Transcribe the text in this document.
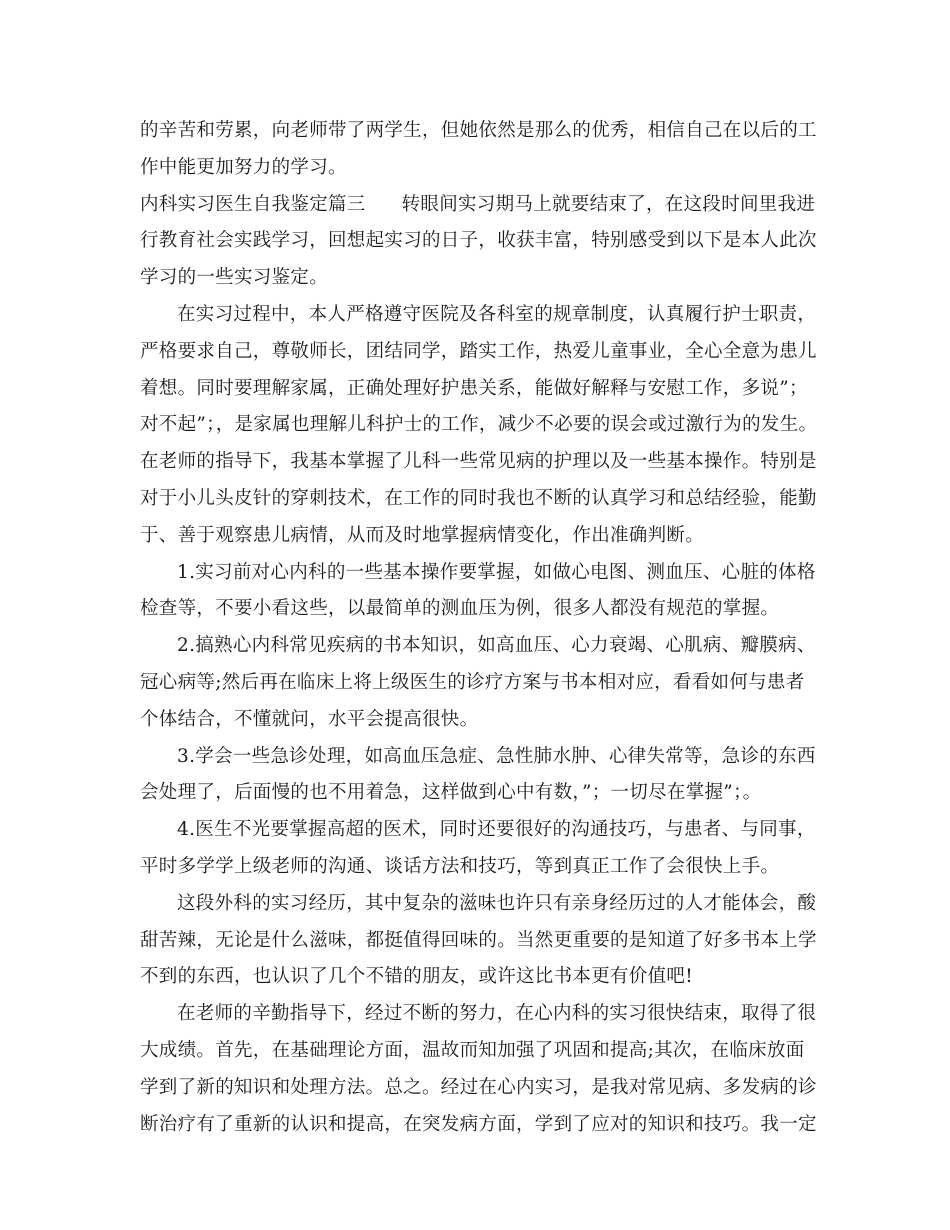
的辛苦和劳累，向老师带了两学生，但她依然是那么的优秀，相信自己在以后的工
作中能更加努力的学习。
内科实习医生自我鉴定篇三 转眼间实习期马上就要结束了，在这段时间里我进
行教育社会实践学习，回想起实习的日子，收获丰富，特别感受到以下是本人此次
学习的一些实习鉴定。
在实习过程中，本人严格遵守医院及各科室的规章制度，认真履行护士职责，
严格要求自己，尊敬师长，团结同学，踏实工作，热爱儿童事业，全心全意为患儿
着想。同时要理解家属，正确处理好护患关系，能做好解释与安慰工作，多说”；
对不起”；，是家属也理解儿科护士的工作，减少不必要的误会或过激行为的发生。
在老师的指导下，我基本掌握了儿科一些常见病的护理以及一些基本操作。特别是
对于小儿头皮针的穿刺技术，在工作的同时我也不断的认真学习和总结经验，能勤
于、善于观察患儿病情，从而及时地掌握病情变化，作出准确判断。
1.实习前对心内科的一些基本操作要掌握，如做心电图、测血压、心脏的体格
检查等，不要小看这些，以最简单的测血压为例，很多人都没有规范的掌握。
2.搞熟心内科常见疾病的书本知识，如高血压、心力衰竭、心肌病、瓣膜病、
冠心病等;然后再在临床上将上级医生的诊疗方案与书本相对应，看看如何与患者
个体结合，不懂就问，水平会提高很快。
3.学会一些急诊处理，如高血压急症、急性肺水肿、心律失常等，急诊的东西
会处理了，后面慢的也不用着急，这样做到心中有数，”；一切尽在掌握”；。
4.医生不光要掌握高超的医术，同时还要很好的沟通技巧，与患者、与同事，
平时多学学上级老师的沟通、谈话方法和技巧，等到真正工作了会很快上手。
这段外科的实习经历，其中复杂的滋味也许只有亲身经历过的人才能体会，酸
甜苦辣，无论是什么滋味，都挺值得回味的。当然更重要的是知道了好多书本上学
不到的东西，也认识了几个不错的朋友，或许这比书本更有价值吧!
在老师的辛勤指导下，经过不断的努力，在心内科的实习很快结束，取得了很
大成绩。首先，在基础理论方面，温故而知加强了巩固和提高;其次，在临床放面
学到了新的知识和处理方法。总之。经过在心内实习，是我对常见病、多发病的诊
断治疗有了重新的认识和提高，在突发病方面，学到了应对的知识和技巧。我一定
